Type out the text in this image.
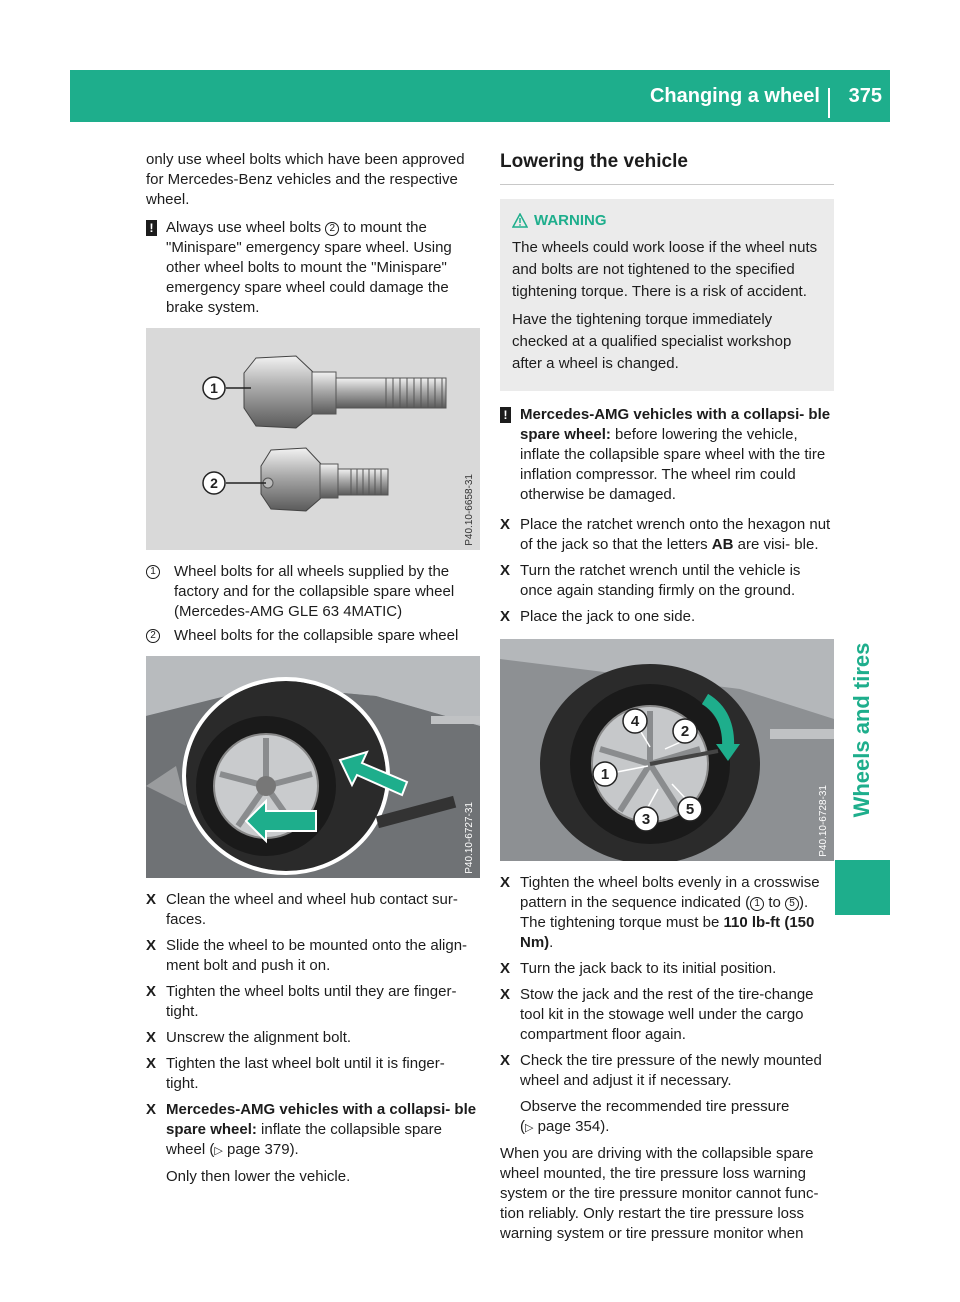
Changing a wheel 375
Wheels and tires

only use wheel bolts which have been approved for Mercedes-Benz vehicles and the respective wheel.

! Always use wheel bolts 2 to mount the "Minispare" emergency spare wheel. Using other wheel bolts to mount the "Minispare" emergency spare wheel could damage the brake system.
1
2	P40.10-6658-31
1 Wheel bolts for all wheels supplied by the factory and for the collapsible spare wheel (Mercedes-AMG GLE 63 4MATIC)
2 Wheel bolts for the collapsible spare wheel
P40.10-6727-31
X Clean the wheel and wheel hub contact sur- faces.
X Slide the wheel to be mounted onto the align- ment bolt and push it on.
X Tighten the wheel bolts until they are finger- tight.
X Unscrew the alignment bolt.
X Tighten the last wheel bolt until it is finger- tight.
X Mercedes-AMG vehicles with a collapsi- ble spare wheel: inflate the collapsible spare wheel (▷ page 379).
Only then lower the vehicle.
Lowering the vehicle
WARNING

The wheels could work loose if the wheel nuts and bolts are not tightened to the specified tightening torque. There is a risk of accident.

Have the tightening torque immediately checked at a qualified specialist workshop after a wheel is changed.

! Mercedes-AMG vehicles with a collapsi- ble spare wheel: before lowering the vehicle, inflate the collapsible spare wheel with the tire inflation compressor. The wheel rim could otherwise be damaged.
X Place the ratchet wrench onto the hexagon nut of the jack so that the letters AB are visi- ble.
X Turn the ratchet wrench until the vehicle is once again standing firmly on the ground.
X Place the jack to one side.
1
2
3
4
5	P40.10-6728-31
X Tighten the wheel bolts evenly in a crosswise pattern in the sequence indicated ( 1 to 5 ). The tightening torque must be 110 lb-ft (150 Nm).
X Turn the jack back to its initial position.
X Stow the jack and the rest of the tire-change tool kit in the stowage well under the cargo compartment floor again.
X Check the tire pressure of the newly mounted wheel and adjust it if necessary.
Observe the recommended tire pressure
(▷ page 354).

When you are driving with the collapsible spare wheel mounted, the tire pressure loss warning system or the tire pressure monitor cannot func- tion reliably. Only restart the tire pressure loss warning system or tire pressure monitor when
